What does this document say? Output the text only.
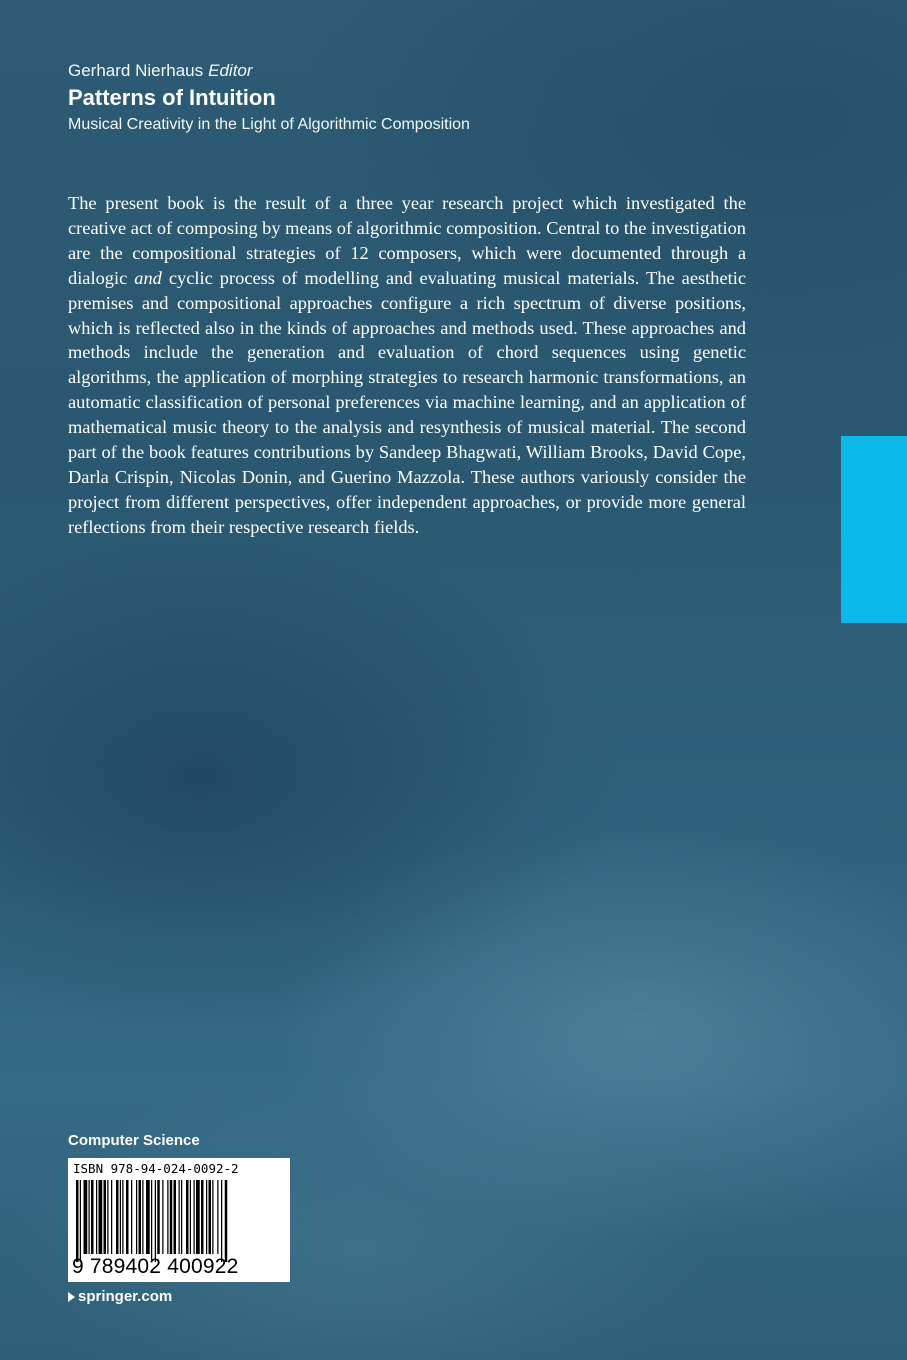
Gerhard Nierhaus Editor
Patterns of Intuition
Musical Creativity in the Light of Algorithmic Composition

The present book is the result of a three year research project which investigated the creative act of composing by means of algorithmic composition. Central to the investigation are the compositional strategies of 12 composers, which were documented through a dialogic and cyclic process of modelling and evaluating musical materials. The aesthetic premises and compositional approaches configure a rich spectrum of diverse positions, which is reflected also in the kinds of approaches and methods used. These approaches and methods include the generation and evaluation of chord sequences using genetic algorithms, the application of morphing strategies to research harmonic transformations, an automatic classification of personal preferences via machine learning, and an application of mathematical music theory to the analysis and resynthesis of musical material. The second part of the book features contributions by Sandeep Bhagwati, William Brooks, David Cope, Darla Crispin, Nicolas Donin, and Guerino Mazzola. These authors variously consider the project from different perspectives, offer independent approaches, or provide more general reflections from their respective research fields.

Computer Science
ISBN 978-94-024-0092-2
9 789402 400922
springer.com
